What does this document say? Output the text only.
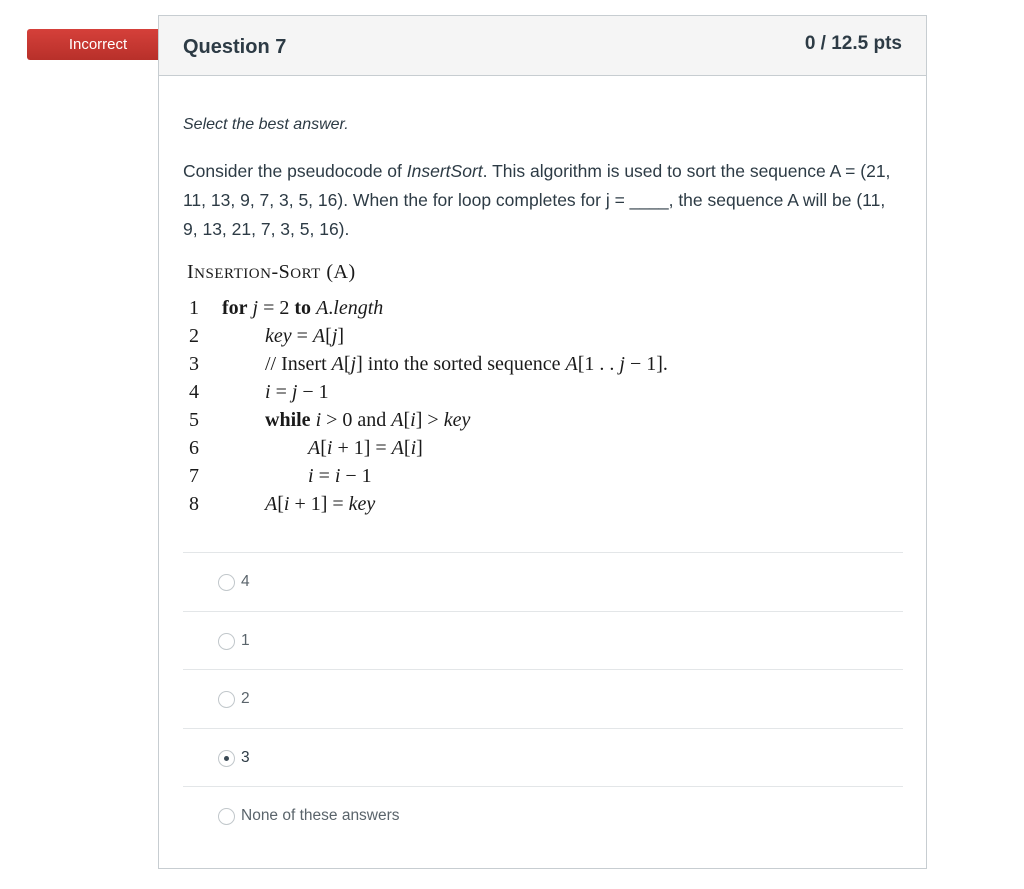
Incorrect	Question 7	0 / 12.5 pts
Select the best answer.
Consider the pseudocode of InsertSort. This algorithm is used to sort the sequence A = (21, 11, 13, 9, 7, 3, 5, 16). When the for loop completes for j = ____, the sequence A will be (11, 9, 13, 21, 7, 3, 5, 16).
INSERTION-SORT (A)
1 for j = 2 to A.length
2	key = A[j]
3	// Insert A[j] into the sorted sequence A[1 . . j − 1].
4	i = j − 1
5	while i > 0 and A[i] > key
6	A[i + 1] = A[i]
7	i = i − 1
8	A[i + 1] = key
4
1
2
3
None of these answers
